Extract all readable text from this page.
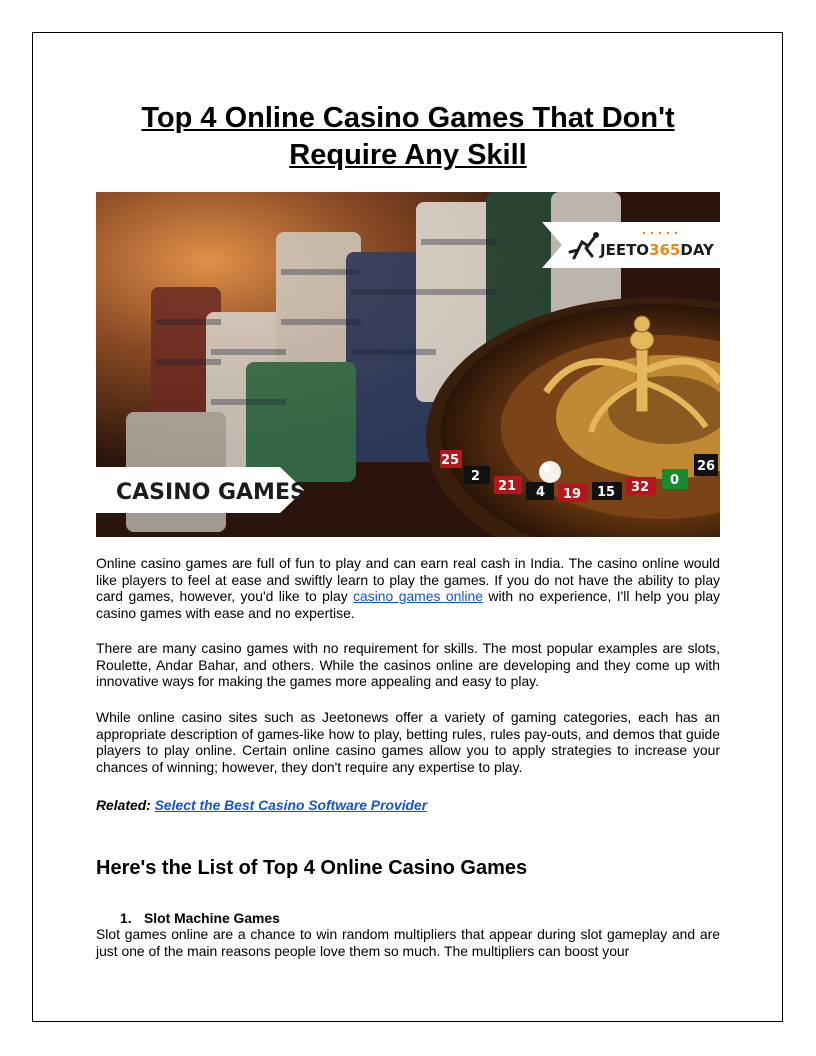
Top 4 Online Casino Games That Don't
Require Any Skill
26
0
32
15
19
4
21
2
25
JEETO365DAY
CASINO GAMES

Online casino games are full of fun to play and can earn real cash in India. The casino online would like players to feel at ease and swiftly learn to play the games. If you do not have the ability to play card games, however, you'd like to play casino games online with no experience, I'll help you play casino games with ease and no expertise.

There are many casino games with no requirement for skills. The most popular examples are slots, Roulette, Andar Bahar, and others. While the casinos online are developing and they come up with innovative ways for making the games more appealing and easy to play.

While online casino sites such as Jeetonews offer a variety of gaming categories, each has an appropriate description of games-like how to play, betting rules, rules pay-outs, and demos that guide players to play online. Certain online casino games allow you to apply strategies to increase your chances of winning; however, they don't require any expertise to play.

Related: Select the Best Casino Software Provider

Here's the List of Top 4 Online Casino Games

1. Slot Machine Games

Slot games online are a chance to win random multipliers that appear during slot gameplay and are just one of the main reasons people love them so much. The multipliers can boost your
